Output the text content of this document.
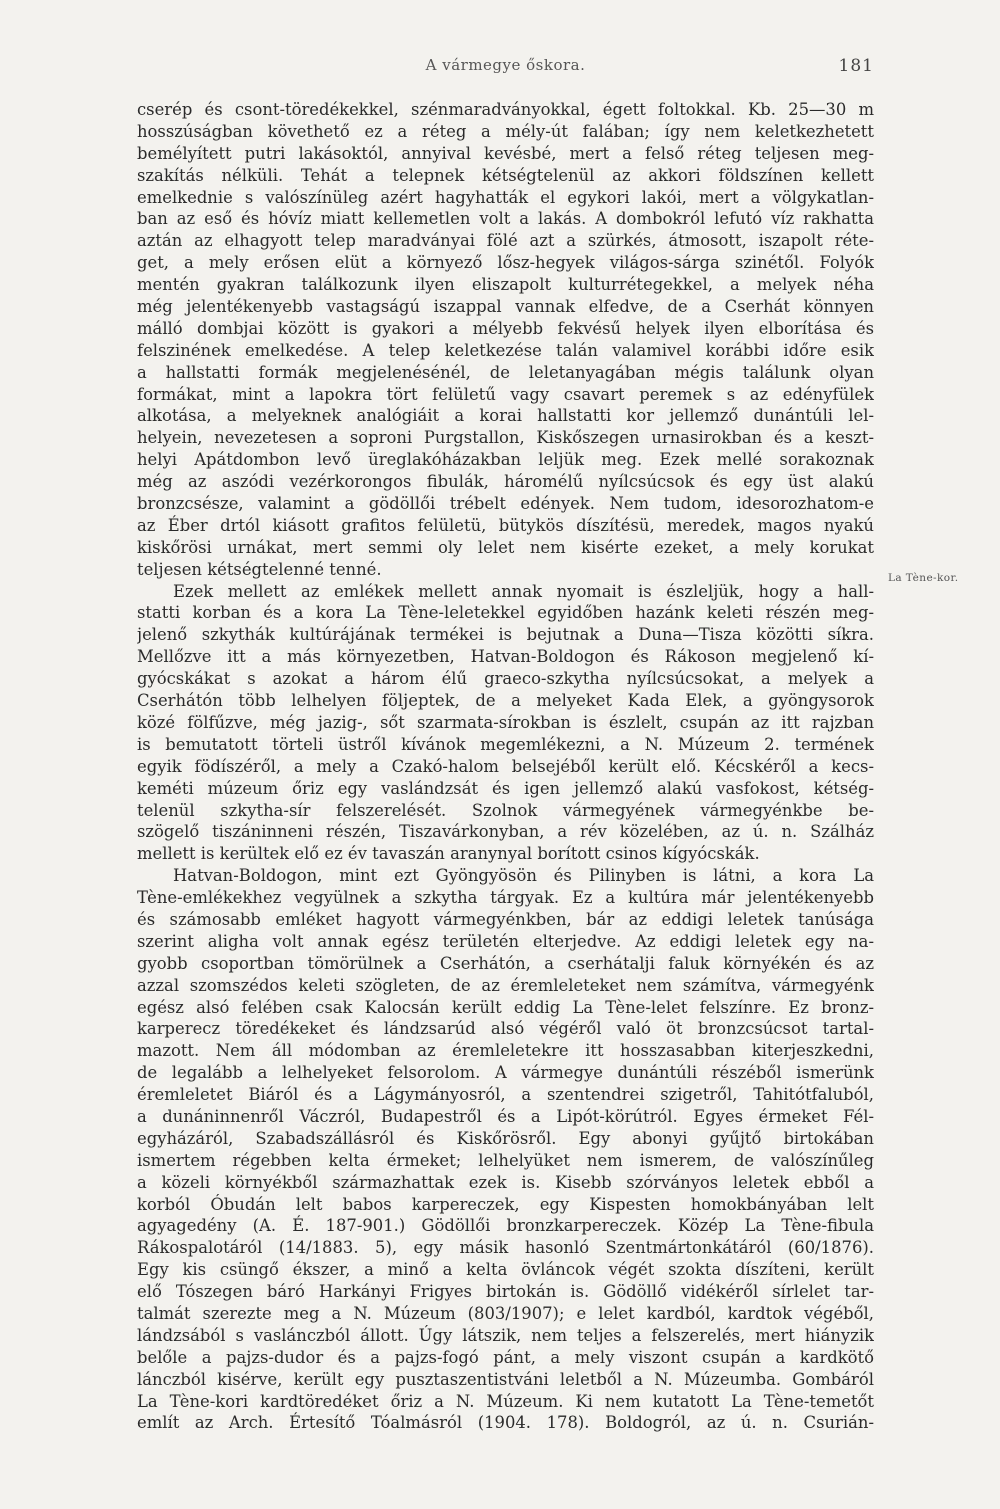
A vármegye őskora.	181
La Tène-kor.
cserép és csont-töredékekkel, szénmaradványokkal, égett foltokkal. Kb. 25—30 m
hosszúságban követhető ez a réteg a mély-út falában; így nem keletkezhetett
bemélyített putri lakásoktól, annyival kevésbé, mert a felső réteg teljesen meg-
szakítás nélküli. Tehát a telepnek kétségtelenül az akkori földszínen kellett
emelkednie s valószínüleg azért hagyhatták el egykori lakói, mert a völgykatlan-
ban az eső és hóvíz miatt kellemetlen volt a lakás. A dombokról lefutó víz rakhatta
aztán az elhagyott telep maradványai fölé azt a szürkés, átmosott, iszapolt réte-
get, a mely erősen elüt a környező lősz-hegyek világos-sárga szinétől. Folyók
mentén gyakran találkozunk ilyen eliszapolt kulturrétegekkel, a melyek néha
még jelentékenyebb vastagságú iszappal vannak elfedve, de a Cserhát könnyen
málló dombjai között is gyakori a mélyebb fekvésű helyek ilyen elborítása és
felszinének emelkedése. A telep keletkezése talán valamivel korábbi időre esik
a hallstatti formák megjelenésénél, de leletanyagában mégis találunk olyan
formákat, mint a lapokra tört felületű vagy csavart peremek s az edényfülek
alkotása, a melyeknek analógiáit a korai hallstatti kor jellemző dunántúli lel-
helyein, nevezetesen a soproni Purgstallon, Kiskőszegen urnasirokban és a keszt-
helyi Apátdombon levő üreglakóházakban leljük meg. Ezek mellé sorakoznak
még az aszódi vezérkorongos fibulák, háromélű nyílcsúcsok és egy üst alakú
bronzcsésze, valamint a gödöllői trébelt edények. Nem tudom, idesorozhatom-e
az Éber drtól kiásott grafitos felületü, bütykös díszítésü, meredek, magos nyakú
kiskőrösi urnákat, mert semmi oly lelet nem kisérte ezeket, a mely korukat
teljesen kétségtelenné tenné.
Ezek mellett az emlékek mellett annak nyomait is észleljük, hogy a hall-
statti korban és a kora La Tène-leletekkel egyidőben hazánk keleti részén meg-
jelenő szkythák kultúrájának termékei is bejutnak a Duna—Tisza közötti síkra.
Mellőzve itt a más környezetben, Hatvan-Boldogon és Rákoson megjelenő kí-
gyócskákat s azokat a három élű graeco-szkytha nyílcsúcsokat, a melyek a
Cserhátón több lelhelyen följeptek, de a melyeket Kada Elek, a gyöngysorok
közé fölfűzve, még jazig-, sőt szarmata-sírokban is észlelt, csupán az itt rajzban
is bemutatott törteli üstről kívánok megemlékezni, a N. Múzeum 2. termének
egyik födíszéről, a mely a Czakó-halom belsejéből került elő. Kécskéről a kecs-
keméti múzeum őriz egy vaslándzsát és igen jellemző alakú vasfokost, kétség-
telenül szkytha-sír felszerelését. Szolnok vármegyének vármegyénkbe be-
szögelő tiszáninneni részén, Tiszavárkonyban, a rév közelében, az ú. n. Szálház
mellett is kerültek elő ez év tavaszán aranynyal borított csinos kígyócskák.
Hatvan-Boldogon, mint ezt Gyöngyösön és Pilinyben is látni, a kora La
Tène-emlékekhez vegyülnek a szkytha tárgyak. Ez a kultúra már jelentékenyebb
és számosabb emléket hagyott vármegyénkben, bár az eddigi leletek tanúsága
szerint aligha volt annak egész területén elterjedve. Az eddigi leletek egy na-
gyobb csoportban tömörülnek a Cserhátón, a cserhátalji faluk környékén és az
azzal szomszédos keleti szögleten, de az éremleleteket nem számítva, vármegyénk
egész alsó felében csak Kalocsán került eddig La Tène-lelet felszínre. Ez bronz-
karperecz töredékeket és lándzsarúd alsó végéről való öt bronzcsúcsot tartal-
mazott. Nem áll módomban az éremleletekre itt hosszasabban kiterjeszkedni,
de legalább a lelhelyeket felsorolom. A vármegye dunántúli részéből ismerünk
éremleletet Biáról és a Lágymányosról, a szentendrei szigetről, Tahitótfaluból,
a dunáninnenről Váczról, Budapestről és a Lipót-körútról. Egyes érmeket Fél-
egyházáról, Szabadszállásról és Kiskőrösről. Egy abonyi gyűjtő birtokában
ismertem régebben kelta érmeket; lelhelyüket nem ismerem, de valószínűleg
a közeli környékből származhattak ezek is. Kisebb szórványos leletek ebből a
korból Óbudán lelt babos karpereczek, egy Kispesten homokbányában lelt
agyagedény (A. É. 187-901.) Gödöllői bronzkarpereczek. Közép La Tène-fibula
Rákospalotáról (14/1883. 5), egy másik hasonló Szentmártonkátáról (60/1876).
Egy kis csüngő ékszer, a minő a kelta övláncok végét szokta díszíteni, került
elő Tószegen báró Harkányi Frigyes birtokán is. Gödöllő vidékéről sírlelet tar-
talmát szerezte meg a N. Múzeum (803/1907); e lelet kardból, kardtok végéből,
lándzsából s vaslánczból állott. Úgy látszik, nem teljes a felszerelés, mert hiányzik
belőle a pajzs-dudor és a pajzs-fogó pánt, a mely viszont csupán a kardkötő
lánczból kisérve, került egy pusztaszentistváni leletből a N. Múzeumba. Gombáról
La Tène-kori kardtöredéket őriz a N. Múzeum. Ki nem kutatott La Tène-temetőt
említ az Arch. Értesítő Tóalmásról (1904. 178). Boldogról, az ú. n. Csurián-
